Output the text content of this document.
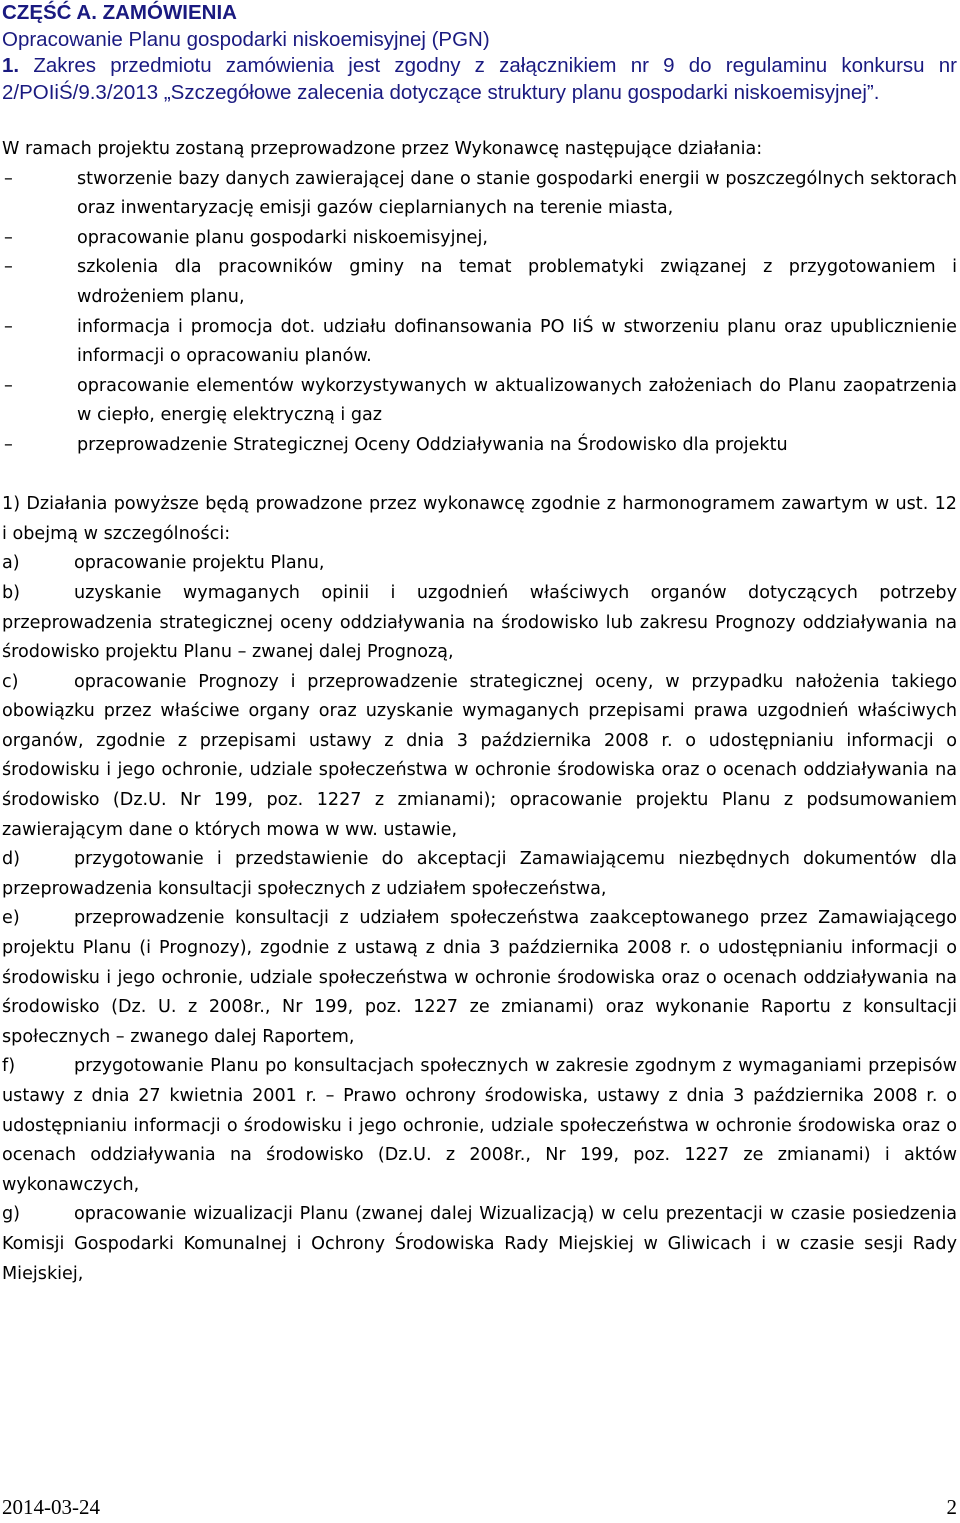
CZĘŚĆ A. ZAMÓWIENIA
Opracowanie Planu gospodarki niskoemisyjnej (PGN)
1. Zakres przedmiotu zamówienia jest zgodny z załącznikiem nr 9 do regulaminu konkursu nr 2/POIiŚ/9.3/2013 „Szczegółowe zalecenia dotyczące struktury planu gospodarki niskoemisyjnej”.
W ramach projektu zostaną przeprowadzone przez Wykonawcę następujące działania:
–	stworzenie bazy danych zawierającej dane o stanie gospodarki energii w poszczególnych sektorach oraz inwentaryzację emisji gazów cieplarnianych na terenie miasta,
–	opracowanie planu gospodarki niskoemisyjnej,
–	szkolenia dla pracowników gminy na temat problematyki związanej z przygotowaniem i wdrożeniem planu,
–	informacja i promocja dot. udziału dofinansowania PO IiŚ w stworzeniu planu oraz upublicznienie informacji o opracowaniu planów.
–	opracowanie elementów wykorzystywanych w aktualizowanych założeniach do Planu zaopatrzenia w ciepło, energię elektryczną i gaz
–	przeprowadzenie Strategicznej Oceny Oddziaływania na Środowisko dla projektu
1) Działania powyższe będą prowadzone przez wykonawcę zgodnie z harmonogramem zawartym w ust. 12 i obejmą w szczególności:
a)	opracowanie projektu Planu,
b)	uzyskanie wymaganych opinii i uzgodnień właściwych organów dotyczących potrzeby przeprowadzenia strategicznej oceny oddziaływania na środowisko lub zakresu Prognozy oddziaływania na środowisko projektu Planu – zwanej dalej Prognozą,
c)	opracowanie Prognozy i przeprowadzenie strategicznej oceny, w przypadku nałożenia takiego obowiązku przez właściwe organy oraz uzyskanie wymaganych przepisami prawa uzgodnień właściwych organów, zgodnie z przepisami ustawy z dnia 3 października 2008 r. o udostępnianiu informacji o środowisku i jego ochronie, udziale społeczeństwa w ochronie środowiska oraz o ocenach oddziaływania na środowisko (Dz.U. Nr 199, poz. 1227 z zmianami); opracowanie projektu Planu z podsumowaniem zawierającym dane o których mowa w ww. ustawie,
d)	przygotowanie i przedstawienie do akceptacji Zamawiającemu niezbędnych dokumentów dla przeprowadzenia konsultacji społecznych z udziałem społeczeństwa,
e)	przeprowadzenie konsultacji z udziałem społeczeństwa zaakceptowanego przez Zamawiającego projektu Planu (i Prognozy), zgodnie z ustawą z dnia 3 października 2008 r. o udostępnianiu informacji o środowisku i jego ochronie, udziale społeczeństwa w ochronie środowiska oraz o ocenach oddziaływania na środowisko (Dz. U. z 2008r., Nr 199, poz. 1227 ze zmianami) oraz wykonanie Raportu z konsultacji społecznych – zwanego dalej Raportem,
f)	przygotowanie Planu po konsultacjach społecznych w zakresie zgodnym z wymaganiami przepisów ustawy z dnia 27 kwietnia 2001 r. – Prawo ochrony środowiska, ustawy z dnia 3 października 2008 r. o udostępnianiu informacji o środowisku i jego ochronie, udziale społeczeństwa w ochronie środowiska oraz o ocenach oddziaływania na środowisko (Dz.U. z 2008r., Nr 199, poz. 1227 ze zmianami) i aktów wykonawczych,
g)	opracowanie wizualizacji Planu (zwanej dalej Wizualizacją) w celu prezentacji w czasie posiedzenia Komisji Gospodarki Komunalnej i Ochrony Środowiska Rady Miejskiej w Gliwicach i w czasie sesji Rady Miejskiej,
2014-03-24	2
